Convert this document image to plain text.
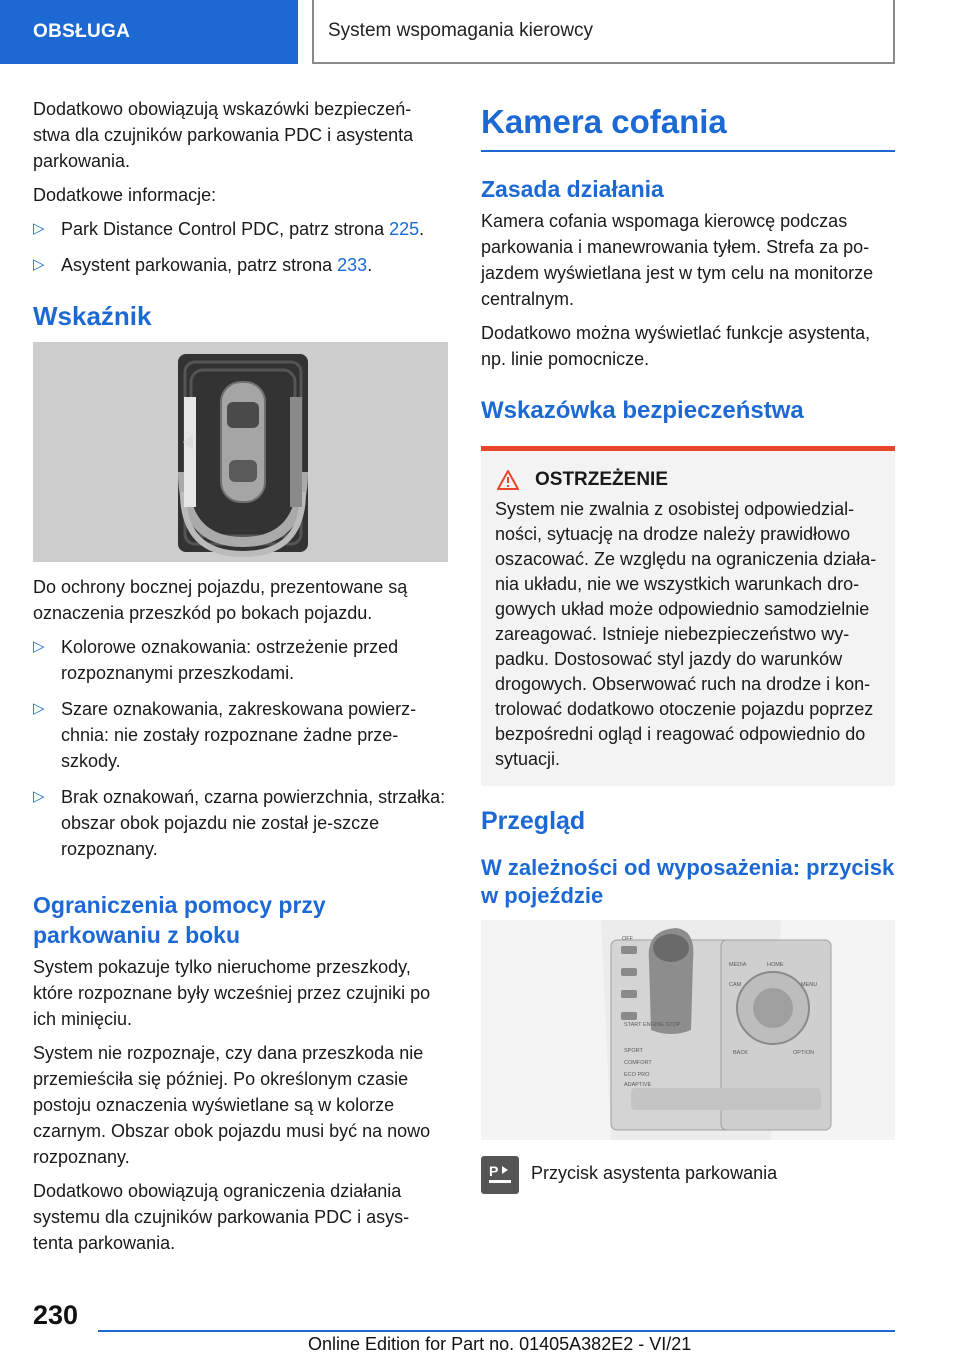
OBSŁUGA	System wspomagania kierowcy

Dodatkowo obowiązują wskazówki bezpieczeń-stwa dla czujników parkowania PDC i asystenta parkowania.

Dodatkowe informacje:

▷ Park Distance Control PDC, patrz strona 225.
▷ Asystent parkowania, patrz strona 233.
Wskaźnik

Do ochrony bocznej pojazdu, prezentowane są oznaczenia przeszkód po bokach pojazdu.

▷ Kolorowe oznakowania: ostrzeżenie przed rozpoznanymi przeszkodami.
▷ Szare oznakowania, zakreskowana powierz-chnia: nie zostały rozpoznane żadne prze-szkody.
▷ Brak oznakowań, czarna powierzchnia, strzałka: obszar obok pojazdu nie został je-szcze rozpoznany.
Ograniczenia pomocy przy parkowaniu z boku

System pokazuje tylko nieruchome przeszkody, które rozpoznane były wcześniej przez czujniki po ich minięciu.

System nie rozpoznaje, czy dana przeszkoda nie przemieściła się później. Po określonym czasie postoju oznaczenia wyświetlane są w kolorze czarnym. Obszar obok pojazdu musi być na nowo rozpoznany.

Dodatkowo obowiązują ograniczenia działania systemu dla czujników parkowania PDC i asys-tenta parkowania.

Kamera cofania
Zasada działania

Kamera cofania wspomaga kierowcę podczas parkowania i manewrowania tyłem. Strefa za po-jazdem wyświetlana jest w tym celu na monitorze centralnym.

Dodatkowo można wyświetlać funkcje asystenta, np. linie pomocnicze.

Wskazówka bezpieczeństwa
OSTRZEŻENIE

System nie zwalnia z osobistej odpowiedzial-ności, sytuację na drodze należy prawidłowo oszacować. Ze względu na ograniczenia działa-nia układu, nie we wszystkich warunkach dro-gowych układ może odpowiednio samodzielnie zareagować. Istnieje niebezpieczeństwo wy-padku. Dostosować styl jazdy do warunków drogowych. Obserwować ruch na drodze i kon-trolować dodatkowo otoczenie pojazdu poprzez bezpośredni ogląd i reagować odpowiednio do sytuacji.

Przegląd
W zależności od wyposażenia: przycisk w pojeździe
START ENGINE STOP
SPORT
COMFORT
ECO PRO
ADAPTIVE
MEDIA	HOME
CAM	MENU
BACK	OPTION
OFF
P Przycisk asystenta parkowania

230
Online Edition for Part no. 01405A382E2 - VI/21
